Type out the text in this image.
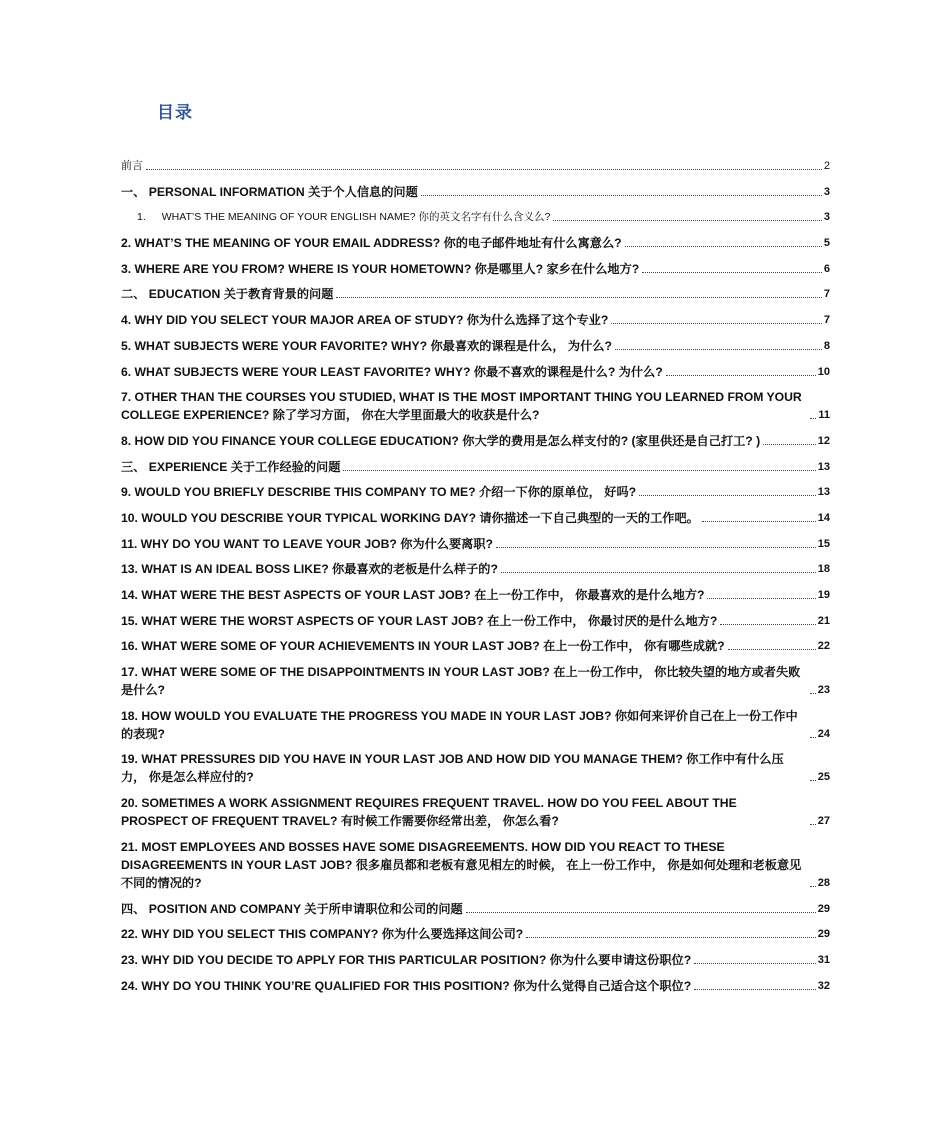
目录
前言	2
一、 PERSONAL INFORMATION 关于个人信息的问题	3
1. WHAT’S THE MEANING OF YOUR ENGLISH NAME? 你的英文名字有什么含义么?	3
2. WHAT’S THE MEANING OF YOUR EMAIL ADDRESS? 你的电子邮件地址有什么寓意么?	5
3. WHERE ARE YOU FROM? WHERE IS YOUR HOMETOWN? 你是哪里人? 家乡在什么地方?	6
二、 EDUCATION 关于教育背景的问题	7
4. WHY DID YOU SELECT YOUR MAJOR AREA OF STUDY? 你为什么选择了这个专业?	7
5. WHAT SUBJECTS WERE YOUR FAVORITE? WHY? 你最喜欢的课程是什么， 为什么?	8
6. WHAT SUBJECTS WERE YOUR LEAST FAVORITE? WHY? 你最不喜欢的课程是什么? 为什么?	10
7. OTHER THAN THE COURSES YOU STUDIED, WHAT IS THE MOST IMPORTANT THING YOU LEARNED FROM YOUR COLLEGE EXPERIENCE? 除了学习方面， 你在大学里面最大的收获是什么?	11
8. HOW DID YOU FINANCE YOUR COLLEGE EDUCATION? 你大学的费用是怎么样支付的? (家里供还是自己打工? )	12
三、 EXPERIENCE 关于工作经验的问题	13
9. WOULD YOU BRIEFLY DESCRIBE THIS COMPANY TO ME? 介绍一下你的原单位， 好吗?	13
10. WOULD YOU DESCRIBE YOUR TYPICAL WORKING DAY? 请你描述一下自己典型的一天的工作吧。	14
11. WHY DO YOU WANT TO LEAVE YOUR JOB? 你为什么要离职?	15
13. WHAT IS AN IDEAL BOSS LIKE? 你最喜欢的老板是什么样子的?	18
14. WHAT WERE THE BEST ASPECTS OF YOUR LAST JOB? 在上一份工作中， 你最喜欢的是什么地方?	19
15. WHAT WERE THE WORST ASPECTS OF YOUR LAST JOB? 在上一份工作中， 你最讨厌的是什么地方?	21
16. WHAT WERE SOME OF YOUR ACHIEVEMENTS IN YOUR LAST JOB? 在上一份工作中， 你有哪些成就?	22
17. WHAT WERE SOME OF THE DISAPPOINTMENTS IN YOUR LAST JOB? 在上一份工作中， 你比较失望的地方或者失败是什么?	23
18. HOW WOULD YOU EVALUATE THE PROGRESS YOU MADE IN YOUR LAST JOB? 你如何来评价自己在上一份工作中的表现?	24
19. WHAT PRESSURES DID YOU HAVE IN YOUR LAST JOB AND HOW DID YOU MANAGE THEM? 你工作中有什么压力， 你是怎么样应付的?	25
20. SOMETIMES A WORK ASSIGNMENT REQUIRES FREQUENT TRAVEL. HOW DO YOU FEEL ABOUT THE PROSPECT OF FREQUENT TRAVEL? 有时候工作需要你经常出差， 你怎么看?	27
21. MOST EMPLOYEES AND BOSSES HAVE SOME DISAGREEMENTS. HOW DID YOU REACT TO THESE DISAGREEMENTS IN YOUR LAST JOB? 很多雇员都和老板有意见相左的时候， 在上一份工作中， 你是如何处理和老板意见不同的情况的?	28
四、 POSITION AND COMPANY 关于所申请职位和公司的问题	29
22. WHY DID YOU SELECT THIS COMPANY? 你为什么要选择这间公司?	29
23. WHY DID YOU DECIDE TO APPLY FOR THIS PARTICULAR POSITION? 你为什么要申请这份职位?	31
24. WHY DO YOU THINK YOU’RE QUALIFIED FOR THIS POSITION? 你为什么觉得自己适合这个职位?	32
